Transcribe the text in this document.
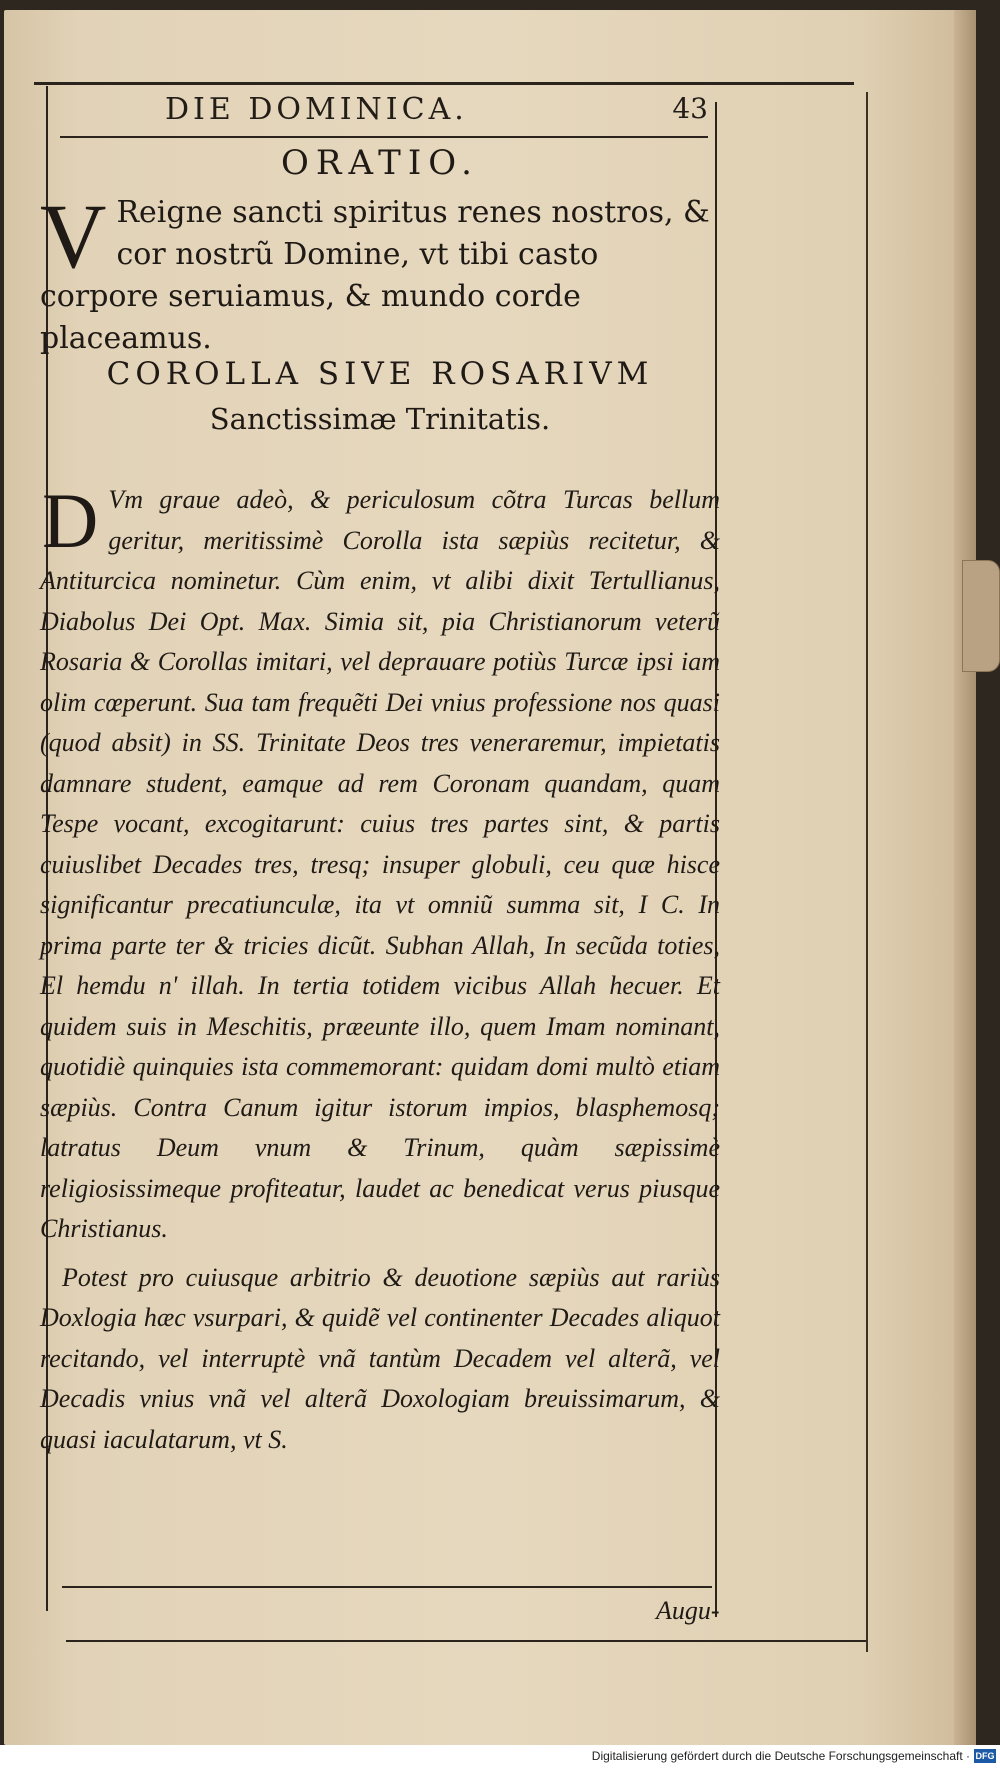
DIE DOMINICA.	43
ORATIO.
V Reigne sancti spiritus renes nostros, & cor nostrũ Domine, vt tibi casto corpore seruiamus, & mundo corde placeamus.
COROLLA SIVE ROSARIVM
Sanctissimæ Trinitatis.
D Vm graue adeò, & periculosum cõtra Turcas bellum geritur, meritissimè Corolla ista sæpiùs recitetur, & Antiturcica nominetur. Cùm enim, vt alibi dixit Tertullianus, Diabolus Dei Opt. Max. Simia sit, pia Christianorum veterũ Rosaria & Corollas imitari, vel deprauare potiùs Turcæ ipsi iam olim cœperunt. Sua tam frequẽti Dei vnius professione nos quasi (quod absit) in SS. Trinitate Deos tres veneraremur, impietatis damnare student, eamque ad rem Coronam quandam, quam Tespe vocant, excogitarunt: cuius tres partes sint, & partis cuiuslibet Decades tres, tresq; insuper globuli, ceu quæ hisce significantur precatiunculæ, ita vt omniũ summa sit, I C. In prima parte ter & tricies dicũt. Subhan Allah, In secũda toties, El hemdu n' illah. In tertia totidem vicibus Allah hecuer. Et quidem suis in Meschitis, præeunte illo, quem Imam nominant, quotidiè quinquies ista commemorant: quidam domi multò etiam sæpiùs. Contra Canum igitur istorum impios, blasphemosq; latratus Deum vnum & Trinum, quàm sæpissimè religiosissimeque profiteatur, laudet ac benedicat verus piusque Christianus.
Potest pro cuiusque arbitrio & deuotione sæpiùs aut rariùs Doxlogia hæc vsurpari, & quidẽ vel continenter Decades aliquot recitando, vel interruptè vnã tantùm Decadem vel alterã, vel Decadis vnius vnã vel alterã Doxologiam breuissimarum, & quasi iaculatarum, vt S.
Augu-
Digitalisierung gefördert durch die Deutsche Forschungsgemeinschaft · DFG
